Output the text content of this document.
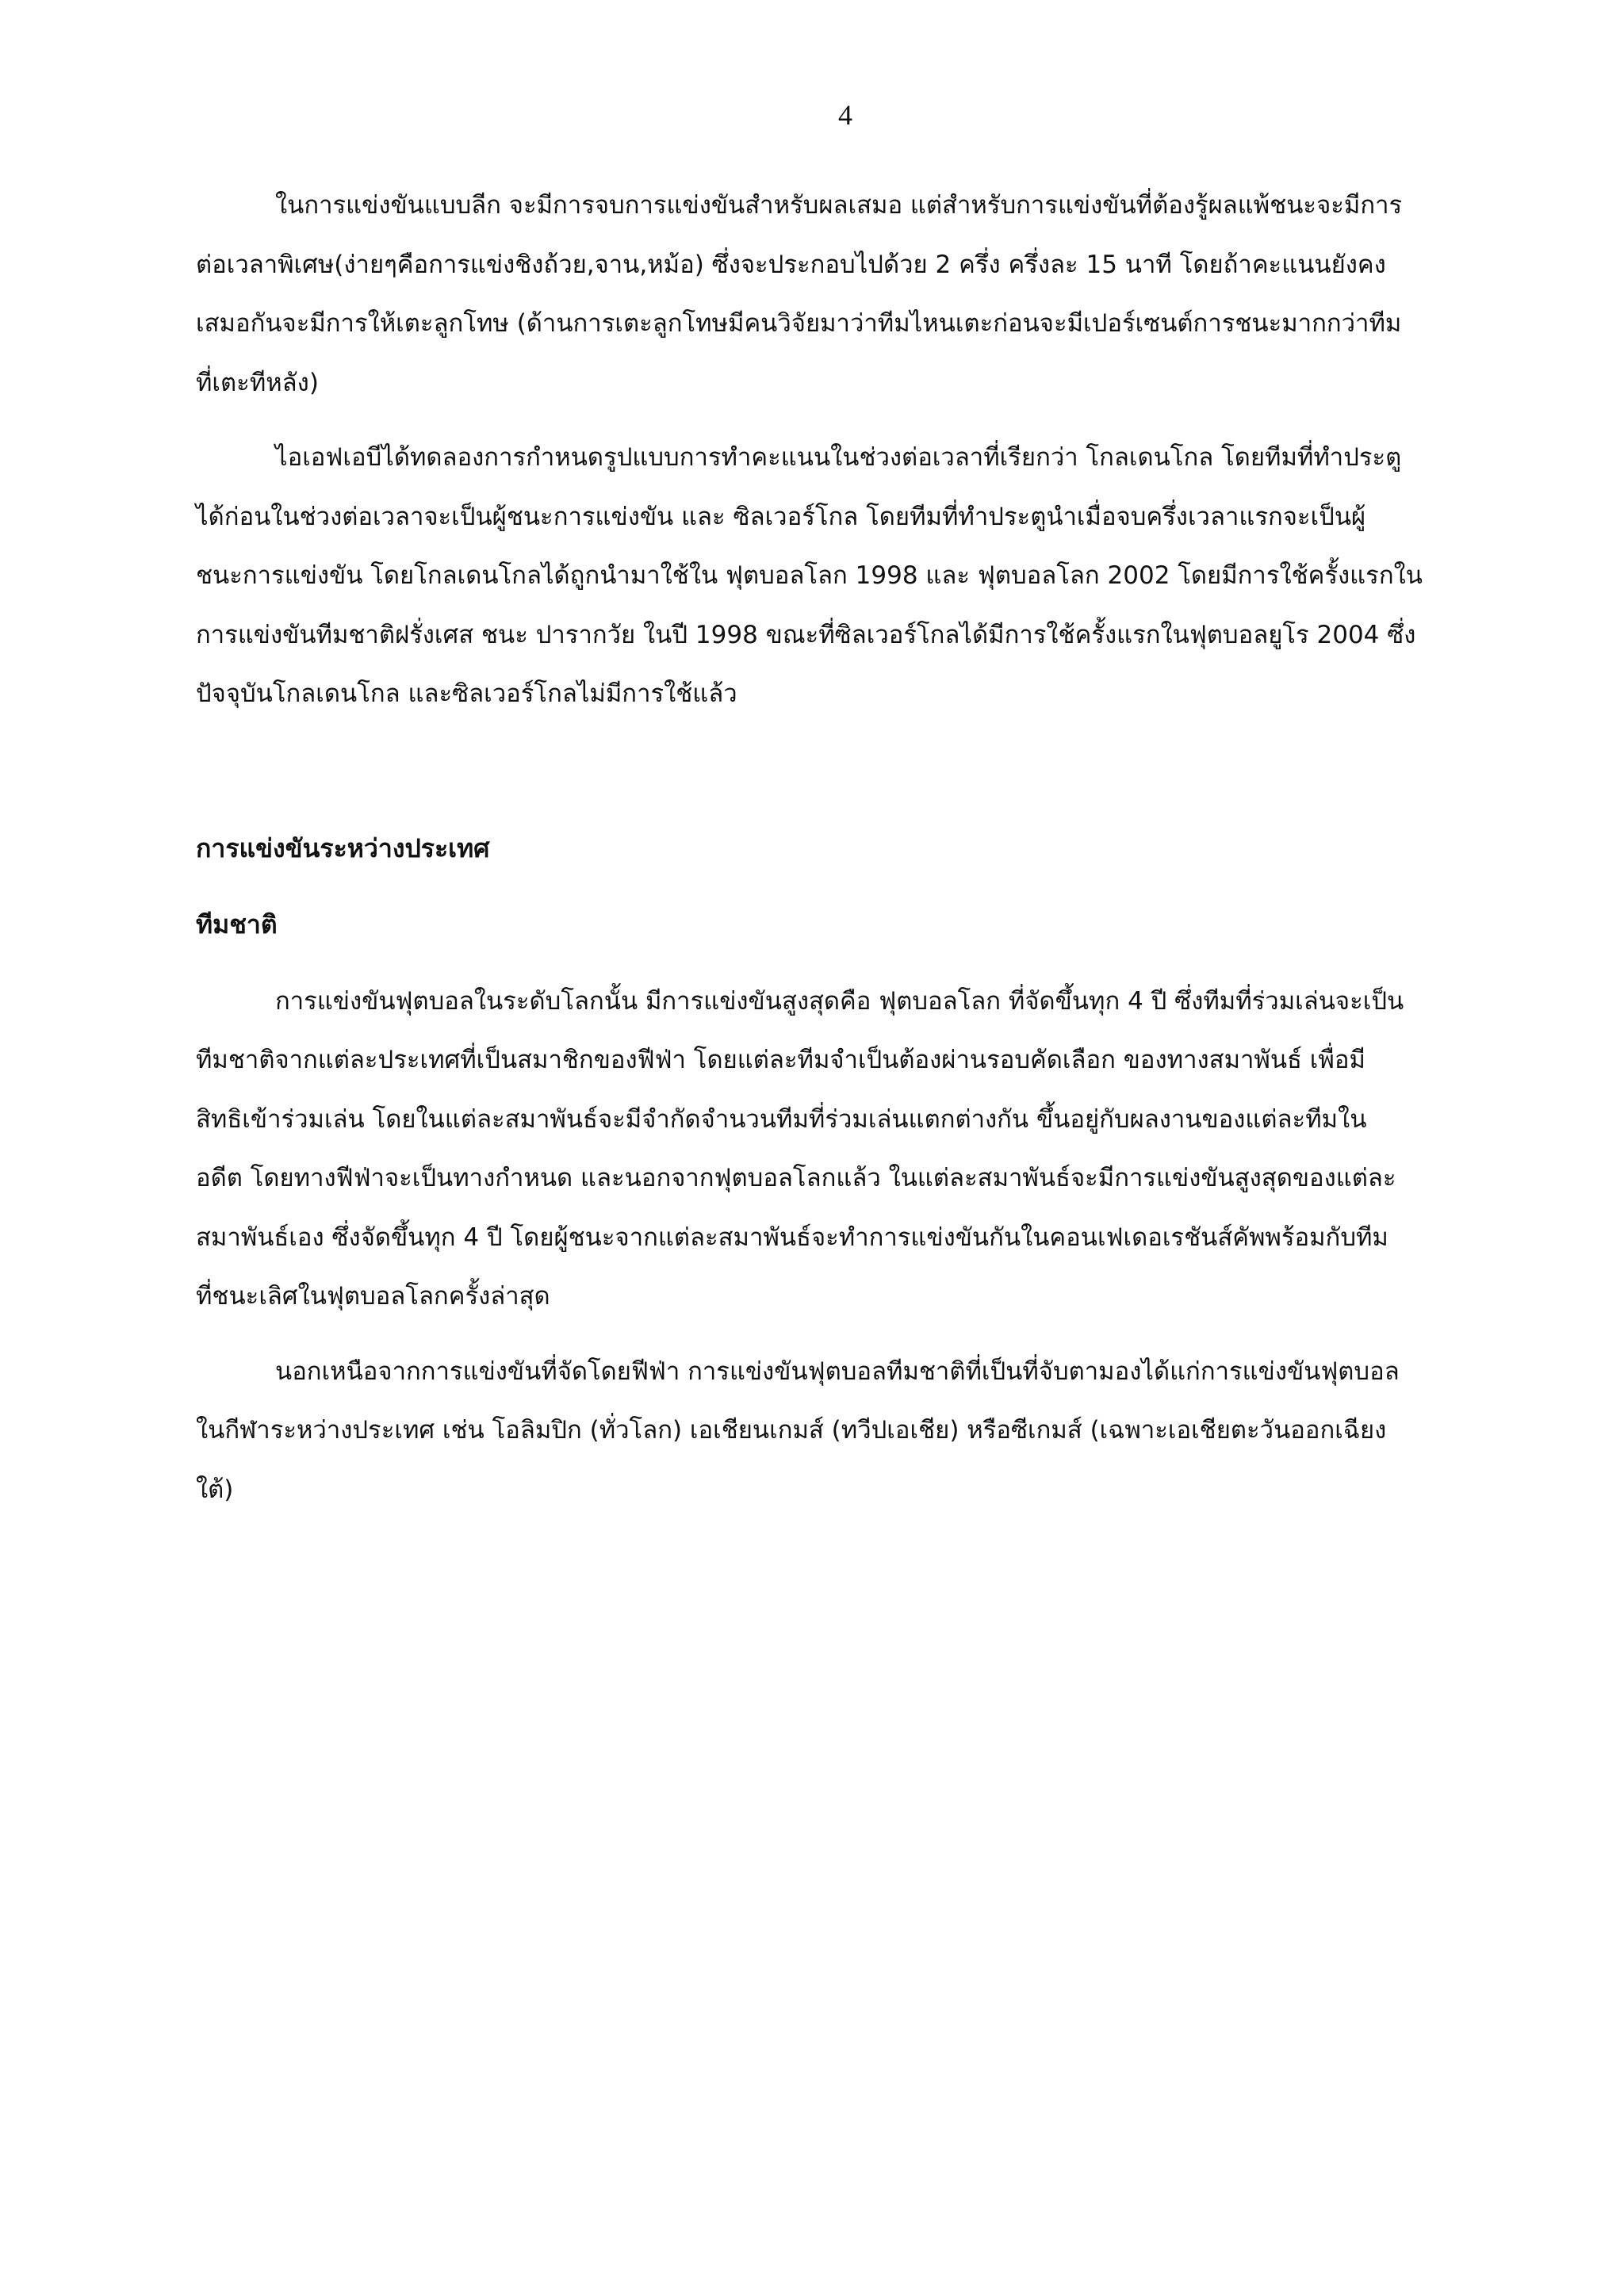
4

ในการแข่งขันแบบลีก จะมีการจบการแข่งขันสำหรับผลเสมอ แต่สำหรับการแข่งขันที่ต้องรู้ผลแพ้ชนะจะมีการ
ต่อเวลาพิเศษ(ง่ายๆคือการแข่งชิงถ้วย,จาน,หม้อ) ซึ่งจะประกอบไปด้วย 2 ครึ่ง ครึ่งละ 15 นาที โดยถ้าคะแนนยังคง
เสมอกันจะมีการให้เตะลูกโทษ (ด้านการเตะลูกโทษมีคนวิจัยมาว่าทีมไหนเตะก่อนจะมีเปอร์เซนต์การชนะมากกว่าทีม
ที่เตะทีหลัง)

ไอเอฟเอบีได้ทดลองการกำหนดรูปแบบการทำคะแนนในช่วงต่อเวลาที่เรียกว่า โกลเดนโกล โดยทีมที่ทำประตู
ได้ก่อนในช่วงต่อเวลาจะเป็นผู้ชนะการแข่งขัน และ ซิลเวอร์โกล โดยทีมที่ทำประตูนำเมื่อจบครึ่งเวลาแรกจะเป็นผู้
ชนะการแข่งขัน โดยโกลเดนโกลได้ถูกนำมาใช้ใน ฟุตบอลโลก 1998 และ ฟุตบอลโลก 2002 โดยมีการใช้ครั้งแรกใน
การแข่งขันทีมชาติฝรั่งเศส ชนะ ปารากวัย ในปี 1998 ขณะที่ซิลเวอร์โกลได้มีการใช้ครั้งแรกในฟุตบอลยูโร 2004 ซึ่ง
ปัจจุบันโกลเดนโกล และซิลเวอร์โกลไม่มีการใช้แล้ว

การแข่งขันระหว่างประเทศ
ทีมชาติ

การแข่งขันฟุตบอลในระดับโลกนั้น มีการแข่งขันสูงสุดคือ ฟุตบอลโลก ที่จัดขึ้นทุก 4 ปี ซึ่งทีมที่ร่วมเล่นจะเป็น
ทีมชาติจากแต่ละประเทศที่เป็นสมาชิกของฟีฟ่า โดยแต่ละทีมจำเป็นต้องผ่านรอบคัดเลือก ของทางสมาพันธ์ เพื่อมี
สิทธิเข้าร่วมเล่น โดยในแต่ละสมาพันธ์จะมีจำกัดจำนวนทีมที่ร่วมเล่นแตกต่างกัน ขึ้นอยู่กับผลงานของแต่ละทีมใน
อดีต โดยทางฟีฟ่าจะเป็นทางกำหนด และนอกจากฟุตบอลโลกแล้ว ในแต่ละสมาพันธ์จะมีการแข่งขันสูงสุดของแต่ละ
สมาพันธ์เอง ซึ่งจัดขึ้นทุก 4 ปี โดยผู้ชนะจากแต่ละสมาพันธ์จะทำการแข่งขันกันในคอนเฟเดอเรชันส์คัพพร้อมกับทีม
ที่ชนะเลิศในฟุตบอลโลกครั้งล่าสุด

นอกเหนือจากการแข่งขันที่จัดโดยฟีฟ่า การแข่งขันฟุตบอลทีมชาติที่เป็นที่จับตามองได้แก่การแข่งขันฟุตบอล
ในกีฬาระหว่างประเทศ เช่น โอลิมปิก (ทั่วโลก) เอเชียนเกมส์ (ทวีปเอเชีย) หรือซีเกมส์ (เฉพาะเอเชียตะวันออกเฉียง
ใต้)
